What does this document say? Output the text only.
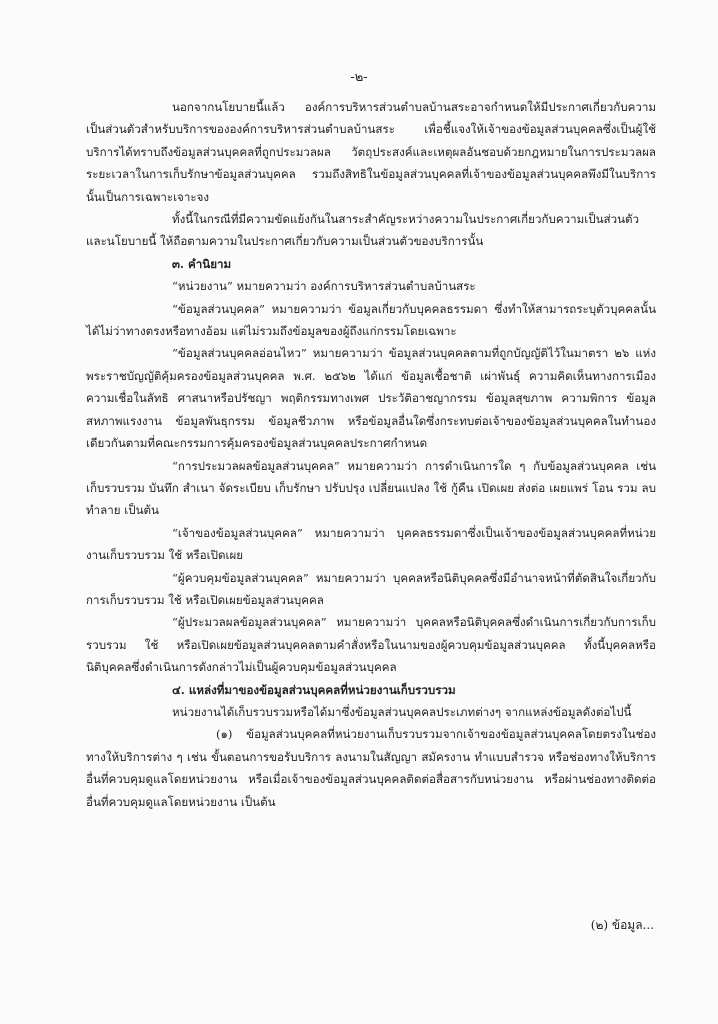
-๒-

นอกจากนโยบายนี้แล้ว องค์การบริหารส่วนตำบลบ้านสระอาจกำหนดให้มีประกาศเกี่ยวกับความเป็นส่วนตัวสำหรับบริการขององค์การบริหารส่วนตำบลบ้านสระ เพื่อชี้แจงให้เจ้าของข้อมูลส่วนบุคคลซึ่งเป็นผู้ใช้บริการได้ทราบถึงข้อมูลส่วนบุคคลที่ถูกประมวลผล วัตถุประสงค์และเหตุผลอันชอบด้วยกฎหมายในการประมวลผล ระยะเวลาในการเก็บรักษาข้อมูลส่วนบุคคล รวมถึงสิทธิในข้อมูลส่วนบุคคลที่เจ้าของข้อมูลส่วนบุคคลพึงมีในบริการนั้นเป็นการเฉพาะเจาะจง

ทั้งนี้ในกรณีที่มีความขัดแย้งกันในสาระสำคัญระหว่างความในประกาศเกี่ยวกับความเป็นส่วนตัวและนโยบายนี้ ให้ถือตามความในประกาศเกี่ยวกับความเป็นส่วนตัวของบริการนั้น

๓. คำนิยาม

“หน่วยงาน” หมายความว่า องค์การบริหารส่วนตำบลบ้านสระ

“ข้อมูลส่วนบุคคล” หมายความว่า ข้อมูลเกี่ยวกับบุคคลธรรมดา ซึ่งทำให้สามารถระบุตัวบุคคลนั้นได้ไม่ว่าทางตรงหรือทางอ้อม แต่ไม่รวมถึงข้อมูลของผู้ถึงแก่กรรมโดยเฉพาะ

“ข้อมูลส่วนบุคคลอ่อนไหว” หมายความว่า ข้อมูลส่วนบุคคลตามที่ถูกบัญญัติไว้ในมาตรา ๒๖ แห่งพระราชบัญญัติคุ้มครองข้อมูลส่วนบุคคล พ.ศ. ๒๕๖๒ ได้แก่ ข้อมูลเชื้อชาติ เผ่าพันธุ์ ความคิดเห็นทางการเมือง ความเชื่อในลัทธิ ศาสนาหรือปรัชญา พฤติกรรมทางเพศ ประวัติอาชญากรรม ข้อมูลสุขภาพ ความพิการ ข้อมูลสหภาพแรงงาน ข้อมูลพันธุกรรม ข้อมูลชีวภาพ หรือข้อมูลอื่นใดซึ่งกระทบต่อเจ้าของข้อมูลส่วนบุคคลในทำนองเดียวกันตามที่คณะกรรมการคุ้มครองข้อมูลส่วนบุคคลประกาศกำหนด

“การประมวลผลข้อมูลส่วนบุคคล” หมายความว่า การดำเนินการใด ๆ กับข้อมูลส่วนบุคคล เช่น เก็บรวบรวม บันทึก สำเนา จัดระเบียบ เก็บรักษา ปรับปรุง เปลี่ยนแปลง ใช้ กู้คืน เปิดเผย ส่งต่อ เผยแพร่ โอน รวม ลบ ทำลาย เป็นต้น

“เจ้าของข้อมูลส่วนบุคคล” หมายความว่า บุคคลธรรมดาซึ่งเป็นเจ้าของข้อมูลส่วนบุคคลที่หน่วยงานเก็บรวบรวม ใช้ หรือเปิดเผย

“ผู้ควบคุมข้อมูลส่วนบุคคล” หมายความว่า บุคคลหรือนิติบุคคลซึ่งมีอำนาจหน้าที่ตัดสินใจเกี่ยวกับการเก็บรวบรวม ใช้ หรือเปิดเผยข้อมูลส่วนบุคคล

“ผู้ประมวลผลข้อมูลส่วนบุคคล” หมายความว่า บุคคลหรือนิติบุคคลซึ่งดำเนินการเกี่ยวกับการเก็บรวบรวม ใช้ หรือเปิดเผยข้อมูลส่วนบุคคลตามคำสั่งหรือในนามของผู้ควบคุมข้อมูลส่วนบุคคล ทั้งนี้บุคคลหรือนิติบุคคลซึ่งดำเนินการดังกล่าวไม่เป็นผู้ควบคุมข้อมูลส่วนบุคคล

๔. แหล่งที่มาของข้อมูลส่วนบุคคลที่หน่วยงานเก็บรวบรวม

หน่วยงานได้เก็บรวบรวมหรือได้มาซึ่งข้อมูลส่วนบุคคลประเภทต่างๆ จากแหล่งข้อมูลดังต่อไปนี้

(๑) ข้อมูลส่วนบุคคลที่หน่วยงานเก็บรวบรวมจากเจ้าของข้อมูลส่วนบุคคลโดยตรงในช่องทางให้บริการต่าง ๆ เช่น ขั้นตอนการขอรับบริการ ลงนามในสัญญา สมัครงาน ทำแบบสำรวจ หรือช่องทางให้บริการอื่นที่ควบคุมดูแลโดยหน่วยงาน หรือเมื่อเจ้าของข้อมูลส่วนบุคคลติดต่อสื่อสารกับหน่วยงาน หรือผ่านช่องทางติดต่ออื่นที่ควบคุมดูแลโดยหน่วยงาน เป็นต้น

(๒) ข้อมูล...
